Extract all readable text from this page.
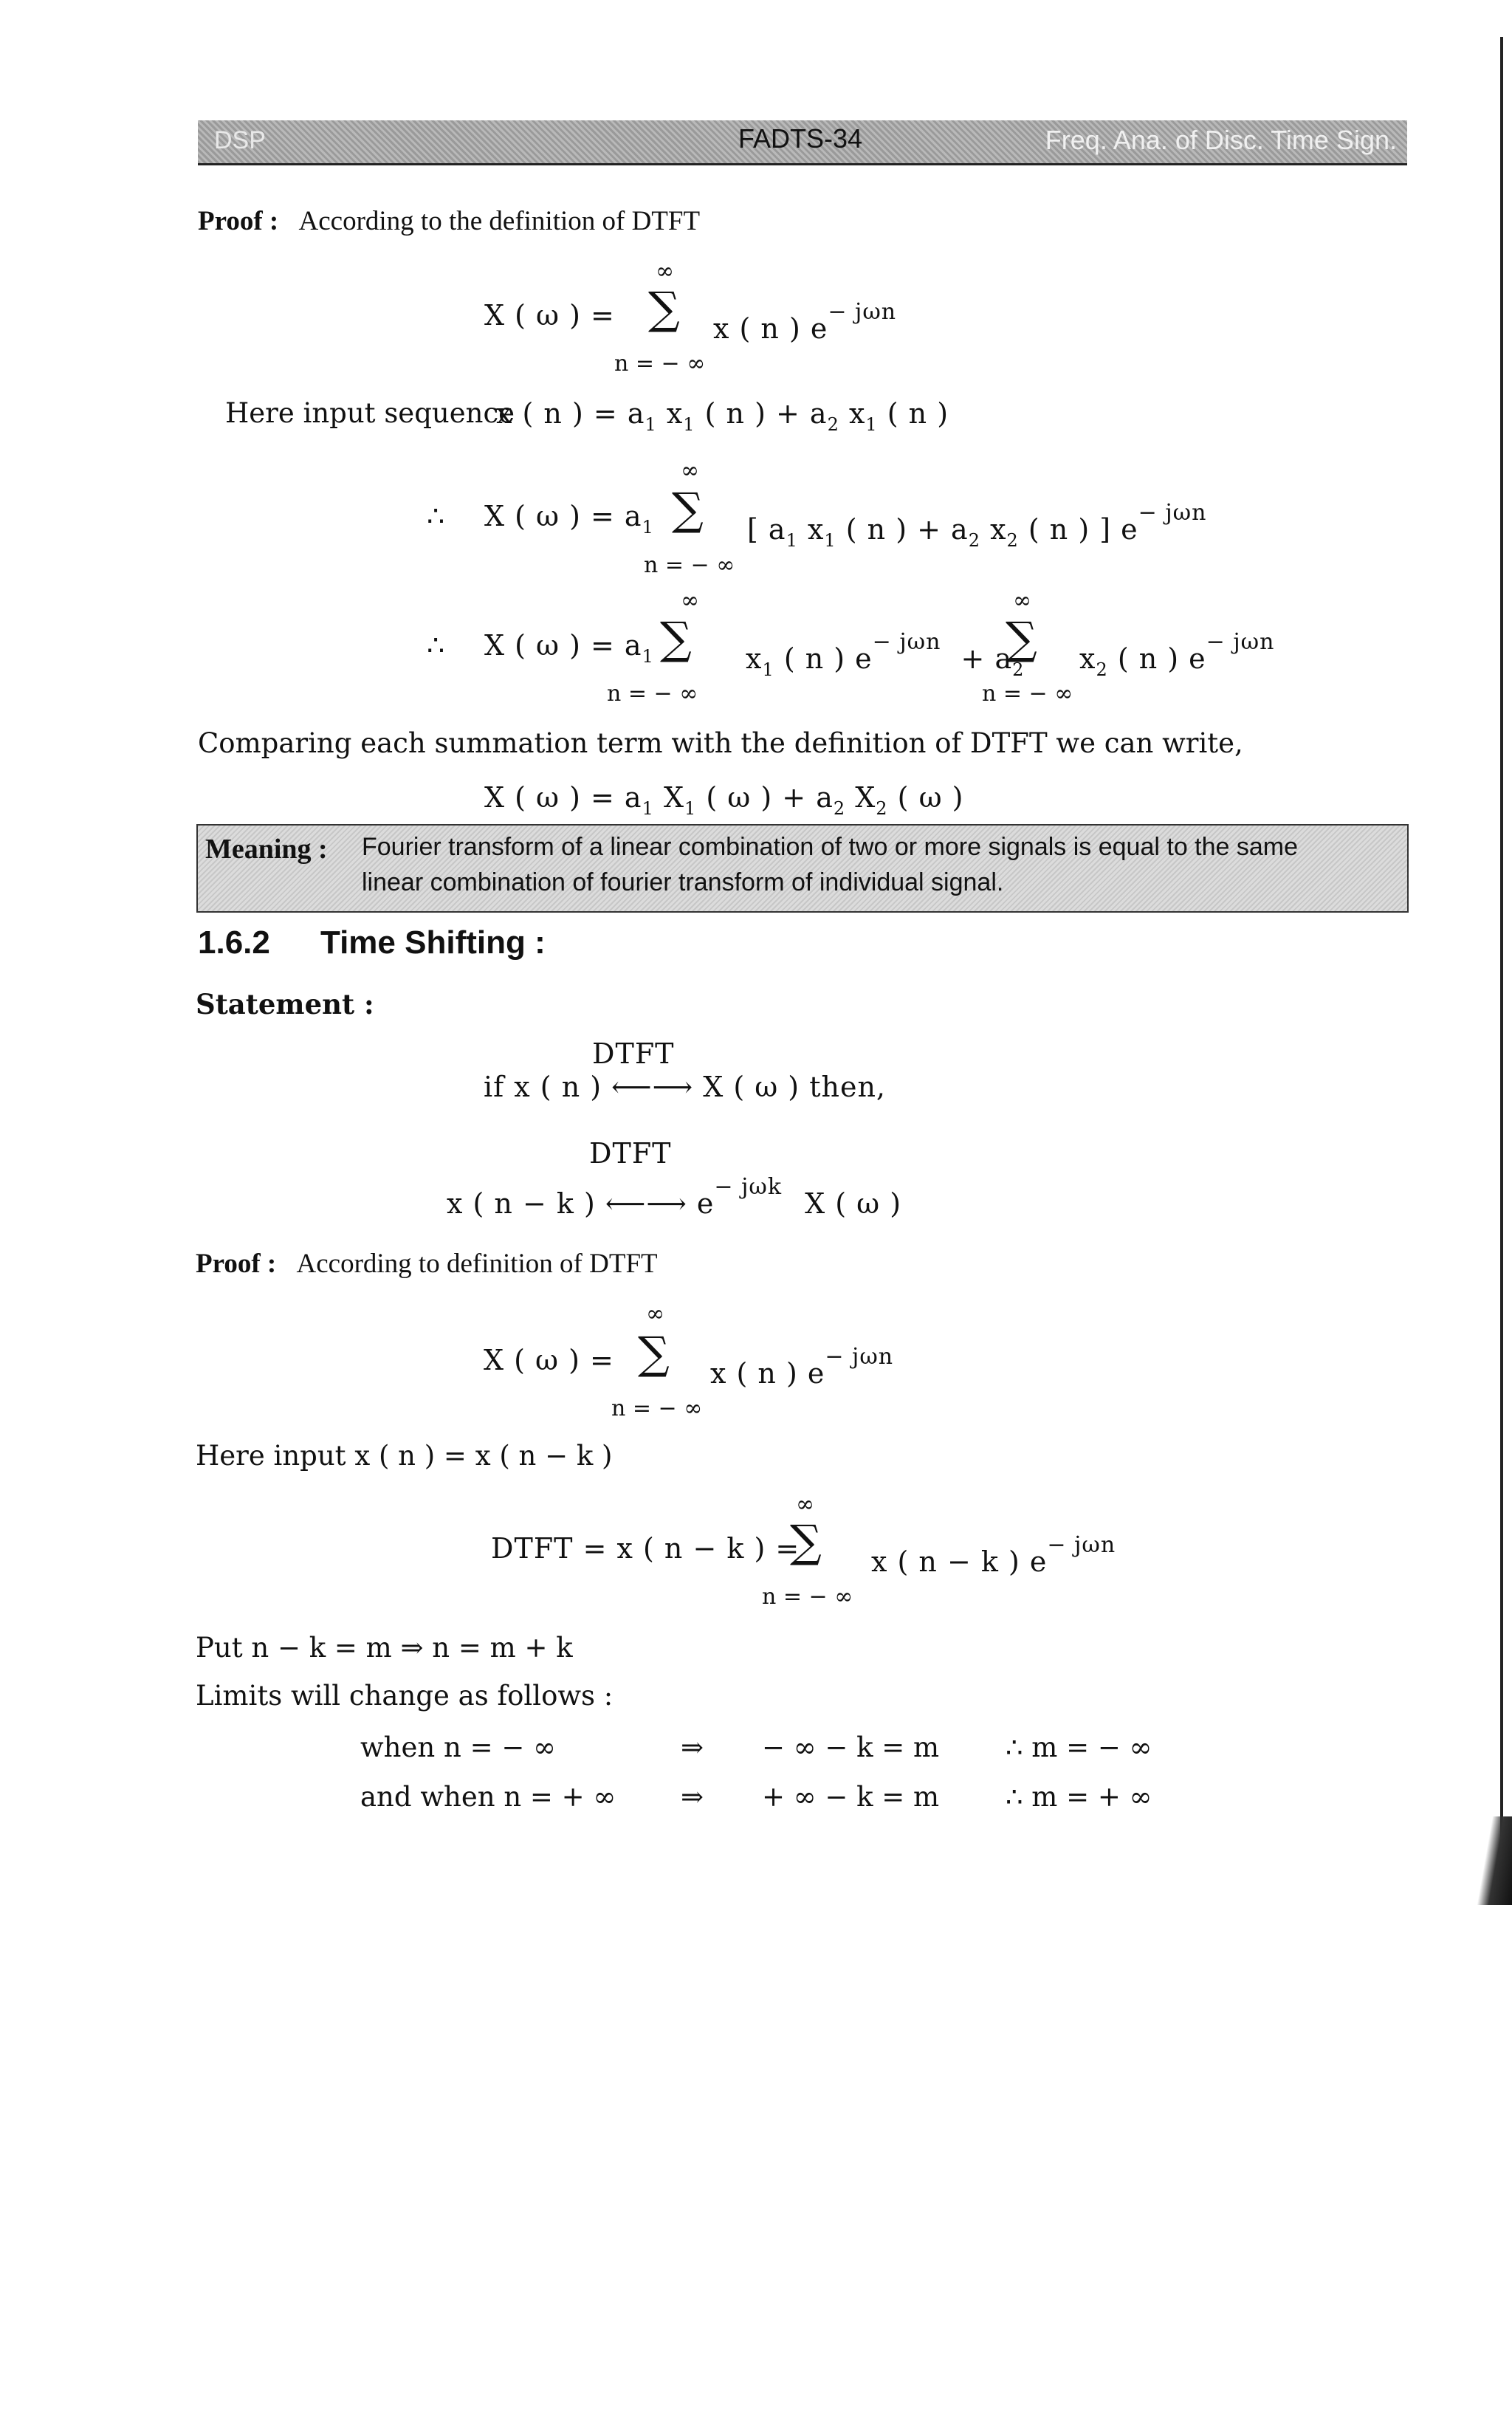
DSP	FADTS-34	Freq. Ana. of Disc. Time Sign.
Proof : According to the definition of DTFT
X ( ω ) =
∞
∑
n = − ∞
x ( n ) $e^{- j\omega n}$
Here input sequence
x ( n ) = $a_1$ $x_1$ ( n ) + $a_2$ $x_1$ ( n )
∴ X ( ω ) = $a_1$
∞
∑
n = − ∞
[ $a_1$ $x_1$ ( n ) + $a_2$ $x_2$ ( n ) ] $e^{- j\omega n}$
∴ X ( ω ) = $a_1$
∞
∑
n = − ∞
$x_1$ ( n ) $e^{- j\omega n} + a_2$
∞
∑
n = − ∞
$x_2$ ( n ) $e^{- j\omega n}$
Comparing each summation term with the definition of DTFT we can write,
X ( ω ) = $a_1$ $X_1$ ( ω ) + $a_2$ $X_2$ ( ω )
Meaning : Fourier transform of a linear combination of two or more signals is equal to the same
linear combination of fourier transform of individual signal.
1.6.2 Time Shifting :
Statement :
DTFT
if x ( n ) ⟵⟶ X ( ω ) then,
DTFT
x ( n − k ) ⟵⟶ $e^{- j\omega k}$ X ( ω )
Proof : According to definition of DTFT
X ( ω ) =
∞
∑
n = − ∞
x ( n ) $e^{- j\omega n}$
Here input x ( n ) = x ( n − k )
DTFT = x ( n − k ) =
∞
∑
n = − ∞
x ( n − k ) $e^{- j\omega n}$
Put n − k = m ⇒ n = m + k
Limits will change as follows :
when n = − ∞	⇒ − ∞ − k = m ∴ m = − ∞
and when n = + ∞ ⇒ + ∞ − k = m ∴ m = + ∞
